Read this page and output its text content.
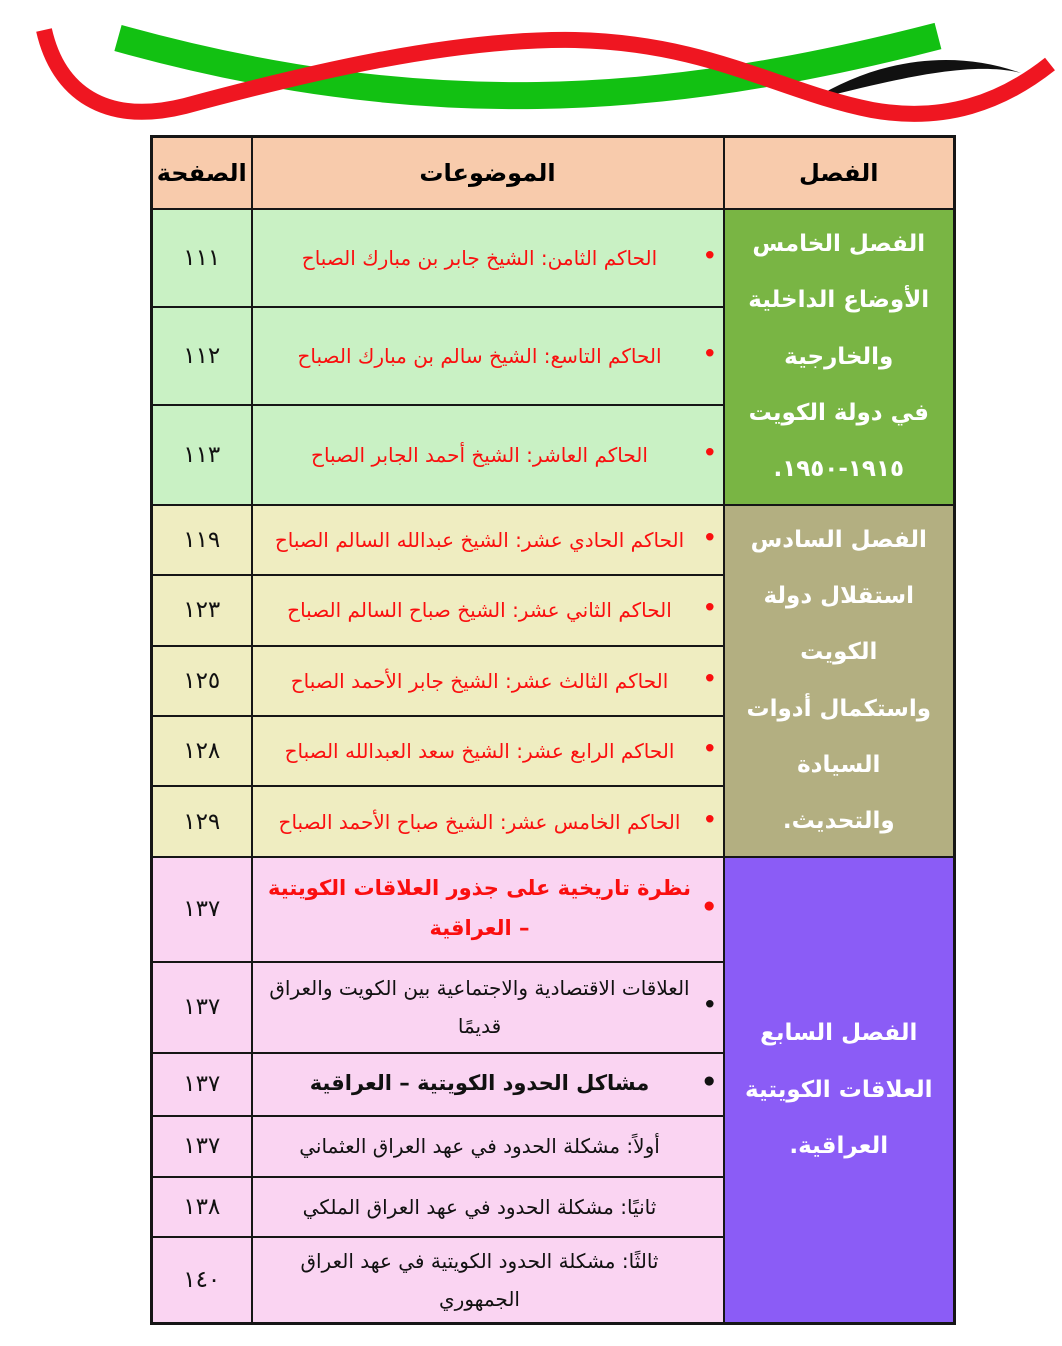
الفصل	الموضوعات	الصفحة

الفصل الخامس
الأوضاع الداخلية
والخارجية
في دولة الكويت
١٩١٥-١٩٥٠.

•
الحاكم الثامن: الشيخ جابر بن مبارك الصباح	١١١

	•
الحاكم التاسع: الشيخ سالم بن مبارك الصباح	١١٢

	•
الحاكم العاشر: الشيخ أحمد الجابر الصباح	١١٣

الفصل السادس
استقلال دولة الكويت
واستكمال أدوات السيادة
والتحديث.

•
الحاكم الحادي عشر: الشيخ عبدالله السالم الصباح	١١٩

	•
الحاكم الثاني عشر: الشيخ صباح السالم الصباح	١٢٣

	•
الحاكم الثالث عشر: الشيخ جابر الأحمد الصباح	١٢٥

	•
الحاكم الرابع عشر: الشيخ سعد العبدالله الصباح	١٢٨

	•
الحاكم الخامس عشر: الشيخ صباح الأحمد الصباح	١٢٩

الفصل السابع
العلاقات الكويتية العراقية.

•
نظرة تاريخية على جذور العلاقات الكويتية – العراقية	١٣٧

	•
العلاقات الاقتصادية والاجتماعية بين الكويت والعراق قديمًا	١٣٧

	•
مشاكل الحدود الكويتية – العراقية	١٣٧
	أولاً: مشكلة الحدود في عهد العراق العثماني	١٣٧
	ثانيًا: مشكلة الحدود في عهد العراق الملكي	١٣٨
	ثالثًا: مشكلة الحدود الكويتية في عهد العراق الجمهوري	١٤٠
